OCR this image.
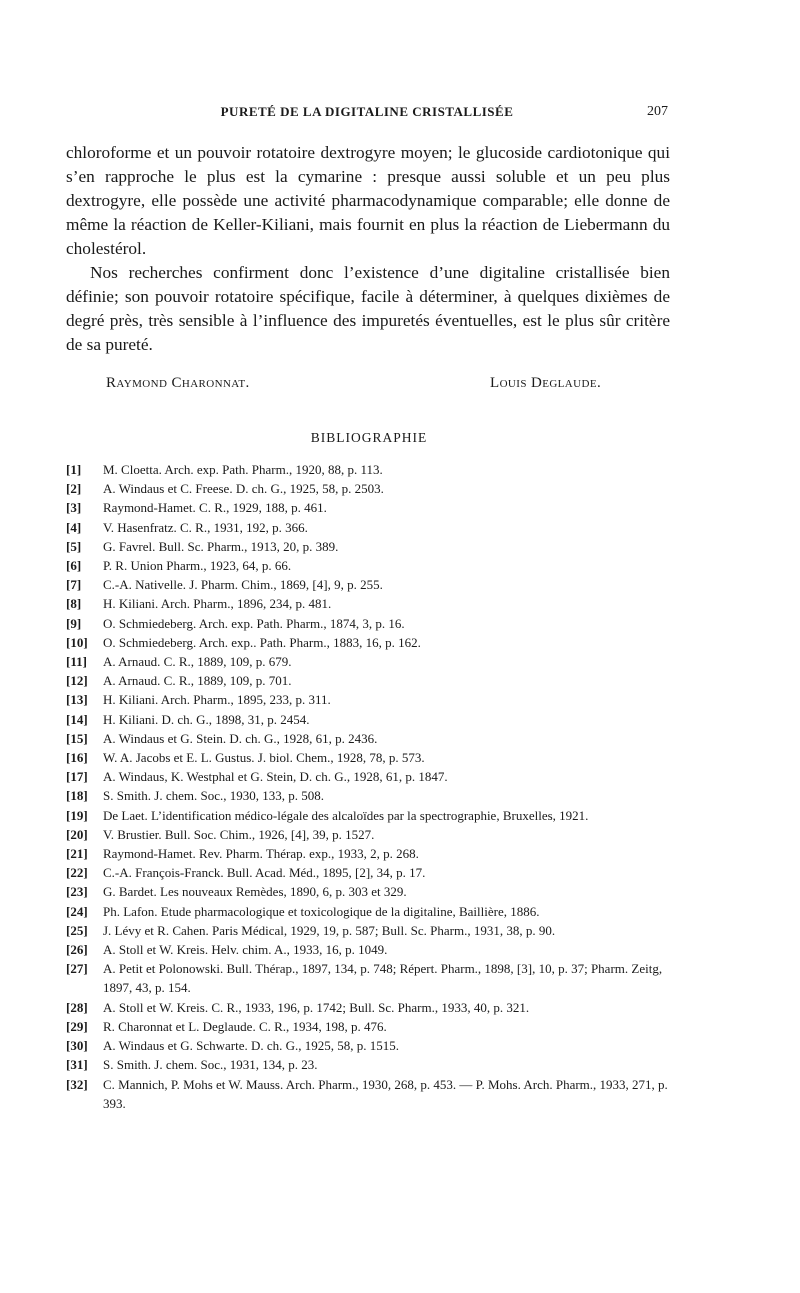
PURETÉ DE LA DIGITALINE CRISTALLISÉE	207

chloroforme et un pouvoir rotatoire dextrogyre moyen; le glucoside cardiotonique qui s’en rapproche le plus est la cymarine : presque aussi soluble et un peu plus dextrogyre, elle possède une activité pharmacodynamique comparable; elle donne de même la réaction de Keller-Kiliani, mais fournit en plus la réaction de Liebermann du cholestérol.

Nos recherches confirment donc l’existence d’une digitaline cristallisée bien définie; son pouvoir rotatoire spécifique, facile à déterminer, à quelques dixièmes de degré près, très sensible à l’influence des impuretés éventuelles, est le plus sûr critère de sa pureté.

Raymond Charonnat.	Louis Deglaude.
BIBLIOGRAPHIE
[1]	M. Cloetta. Arch. exp. Path. Pharm., 1920, 88, p. 113.
[2]	A. Windaus et C. Freese. D. ch. G., 1925, 58, p. 2503.
[3]	Raymond-Hamet. C. R., 1929, 188, p. 461.
[4]	V. Hasenfratz. C. R., 1931, 192, p. 366.
[5]	G. Favrel. Bull. Sc. Pharm., 1913, 20, p. 389.
[6]	P. R. Union Pharm., 1923, 64, p. 66.
[7]	C.-A. Nativelle. J. Pharm. Chim., 1869, [4], 9, p. 255.
[8]	H. Kiliani. Arch. Pharm., 1896, 234, p. 481.
[9]	O. Schmiedeberg. Arch. exp. Path. Pharm., 1874, 3, p. 16.
[10]	O. Schmiedeberg. Arch. exp.. Path. Pharm., 1883, 16, p. 162.
[11]	A. Arnaud. C. R., 1889, 109, p. 679.
[12]	A. Arnaud. C. R., 1889, 109, p. 701.
[13]	H. Kiliani. Arch. Pharm., 1895, 233, p. 311.
[14]	H. Kiliani. D. ch. G., 1898, 31, p. 2454.
[15]	A. Windaus et G. Stein. D. ch. G., 1928, 61, p. 2436.
[16]	W. A. Jacobs et E. L. Gustus. J. biol. Chem., 1928, 78, p. 573.
[17]	A. Windaus, K. Westphal et G. Stein, D. ch. G., 1928, 61, p. 1847.
[18]	S. Smith. J. chem. Soc., 1930, 133, p. 508.
[19]	De Laet. L’identification médico-légale des alcaloïdes par la spectrographie, Bruxelles, 1921.
[20]	V. Brustier. Bull. Soc. Chim., 1926, [4], 39, p. 1527.
[21]	Raymond-Hamet. Rev. Pharm. Thérap. exp., 1933, 2, p. 268.
[22]	C.-A. François-Franck. Bull. Acad. Méd., 1895, [2], 34, p. 17.
[23]	G. Bardet. Les nouveaux Remèdes, 1890, 6, p. 303 et 329.
[24]	Ph. Lafon. Etude pharmacologique et toxicologique de la digitaline, Baillière, 1886.
[25]	J. Lévy et R. Cahen. Paris Médical, 1929, 19, p. 587; Bull. Sc. Pharm., 1931, 38, p. 90.
[26]	A. Stoll et W. Kreis. Helv. chim. A., 1933, 16, p. 1049.
[27]	A. Petit et Polonowski. Bull. Thérap., 1897, 134, p. 748; Répert. Pharm., 1898, [3], 10, p. 37; Pharm. Zeitg, 1897, 43, p. 154.
[28]	A. Stoll et W. Kreis. C. R., 1933, 196, p. 1742; Bull. Sc. Pharm., 1933, 40, p. 321.
[29]	R. Charonnat et L. Deglaude. C. R., 1934, 198, p. 476.
[30]	A. Windaus et G. Schwarte. D. ch. G., 1925, 58, p. 1515.
[31]	S. Smith. J. chem. Soc., 1931, 134, p. 23.
[32]	C. Mannich, P. Mohs et W. Mauss. Arch. Pharm., 1930, 268, p. 453. — P. Mohs. Arch. Pharm., 1933, 271, p. 393.
